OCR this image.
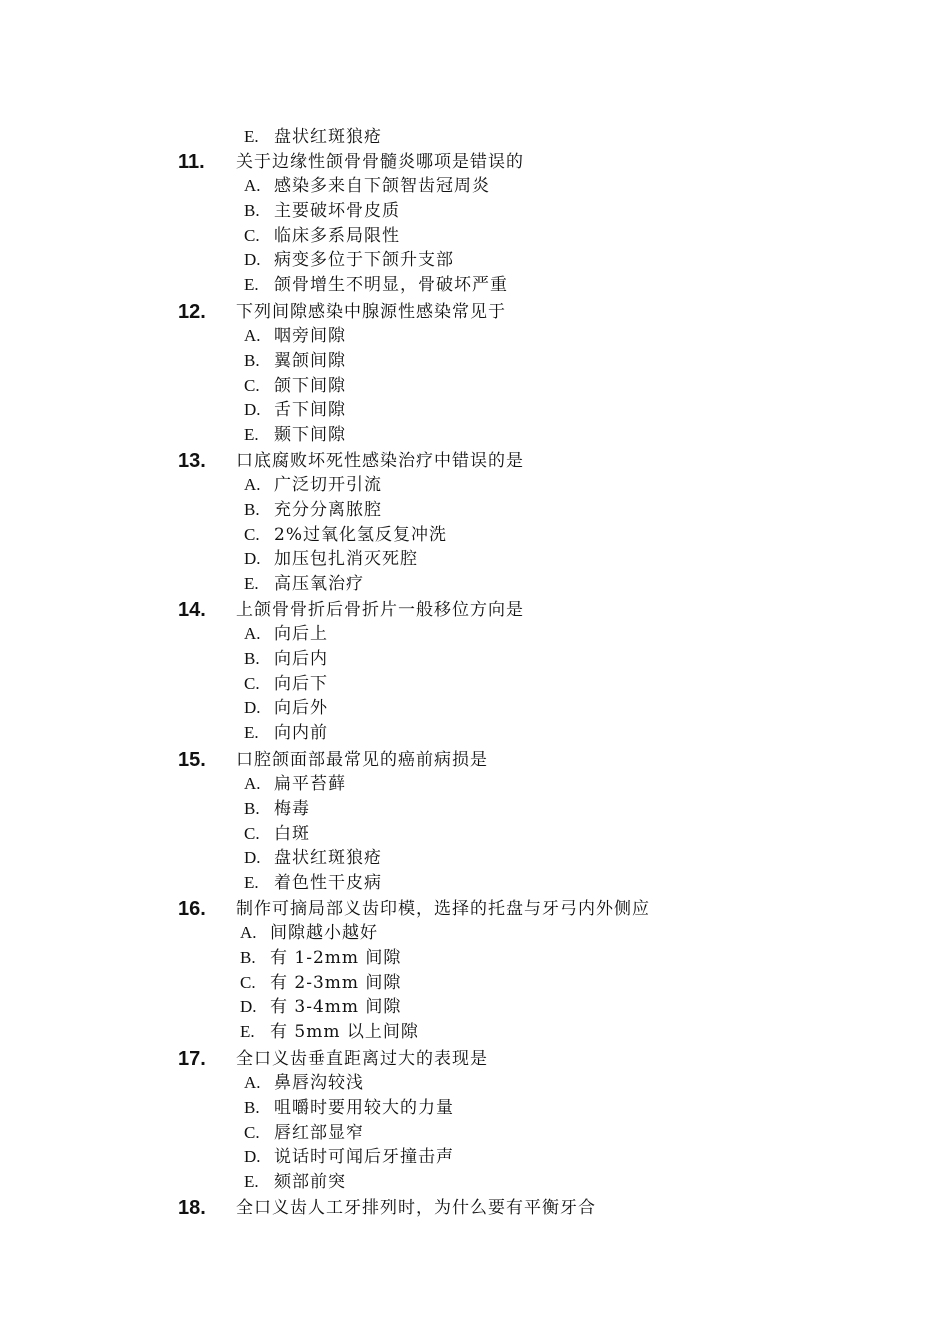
E. 盘状红斑狼疮
11. 关于边缘性颌骨骨髓炎哪项是错误的
A. 感染多来自下颌智齿冠周炎
B. 主要破坏骨皮质
C. 临床多系局限性
D. 病变多位于下颌升支部
E. 颌骨增生不明显，骨破坏严重
12. 下列间隙感染中腺源性感染常见于
A. 咽旁间隙
B. 翼颌间隙
C. 颌下间隙
D. 舌下间隙
E. 颞下间隙
13. 口底腐败坏死性感染治疗中错误的是
A. 广泛切开引流
B. 充分分离脓腔
C. 2%过氧化氢反复冲洗
D. 加压包扎消灭死腔
E. 高压氧治疗
14. 上颌骨骨折后骨折片一般移位方向是
A. 向后上
B. 向后内
C. 向后下
D. 向后外
E. 向内前
15. 口腔颌面部最常见的癌前病损是
A. 扁平苔藓
B. 梅毒
C. 白斑
D. 盘状红斑狼疮
E. 着色性干皮病
16. 制作可摘局部义齿印模，选择的托盘与牙弓内外侧应
A. 间隙越小越好
B. 有 1-2mm 间隙
C. 有 2-3mm 间隙
D. 有 3-4mm 间隙
E. 有 5mm 以上间隙
17. 全口义齿垂直距离过大的表现是
A. 鼻唇沟较浅
B. 咀嚼时要用较大的力量
C. 唇红部显窄
D. 说话时可闻后牙撞击声
E. 颏部前突
18. 全口义齿人工牙排列时，为什么要有平衡牙合
